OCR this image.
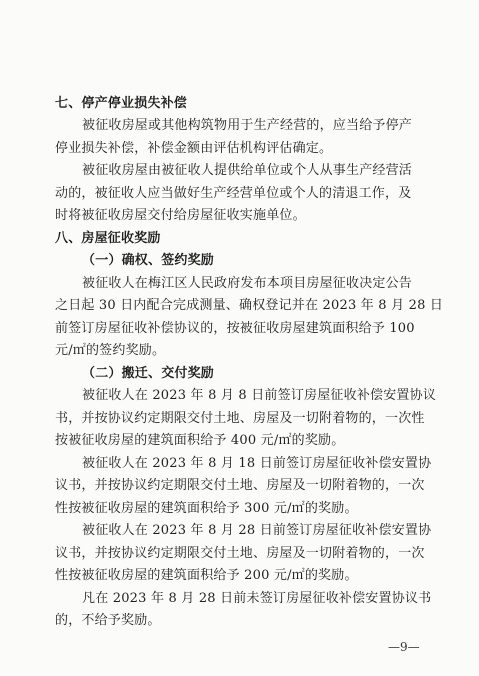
七、停产停业损失补偿
被征收房屋或其他构筑物用于生产经营的，应当给予停产
停业损失补偿，补偿金额由评估机构评估确定。
被征收房屋由被征收人提供给单位或个人从事生产经营活
动的，被征收人应当做好生产经营单位或个人的清退工作，及
时将被征收房屋交付给房屋征收实施单位。
八、房屋征收奖励
（一）确权、签约奖励
被征收人在梅江区人民政府发布本项目房屋征收决定公告
之日起 30 日内配合完成测量、确权登记并在 2023 年 8 月 28 日
前签订房屋征收补偿协议的，按被征收房屋建筑面积给予 100
元/㎡的签约奖励。
（二）搬迁、交付奖励
被征收人在 2023 年 8 月 8 日前签订房屋征收补偿安置协议
书，并按协议约定期限交付土地、房屋及一切附着物的，一次性
按被征收房屋的建筑面积给予 400 元/㎡的奖励。
被征收人在 2023 年 8 月 18 日前签订房屋征收补偿安置协
议书，并按协议约定期限交付土地、房屋及一切附着物的，一次
性按被征收房屋的建筑面积给予 300 元/㎡的奖励。
被征收人在 2023 年 8 月 28 日前签订房屋征收补偿安置协
议书，并按协议约定期限交付土地、房屋及一切附着物的，一次
性按被征收房屋的建筑面积给予 200 元/㎡的奖励。
凡在 2023 年 8 月 28 日前未签订房屋征收补偿安置协议书
的，不给予奖励。
—9—
